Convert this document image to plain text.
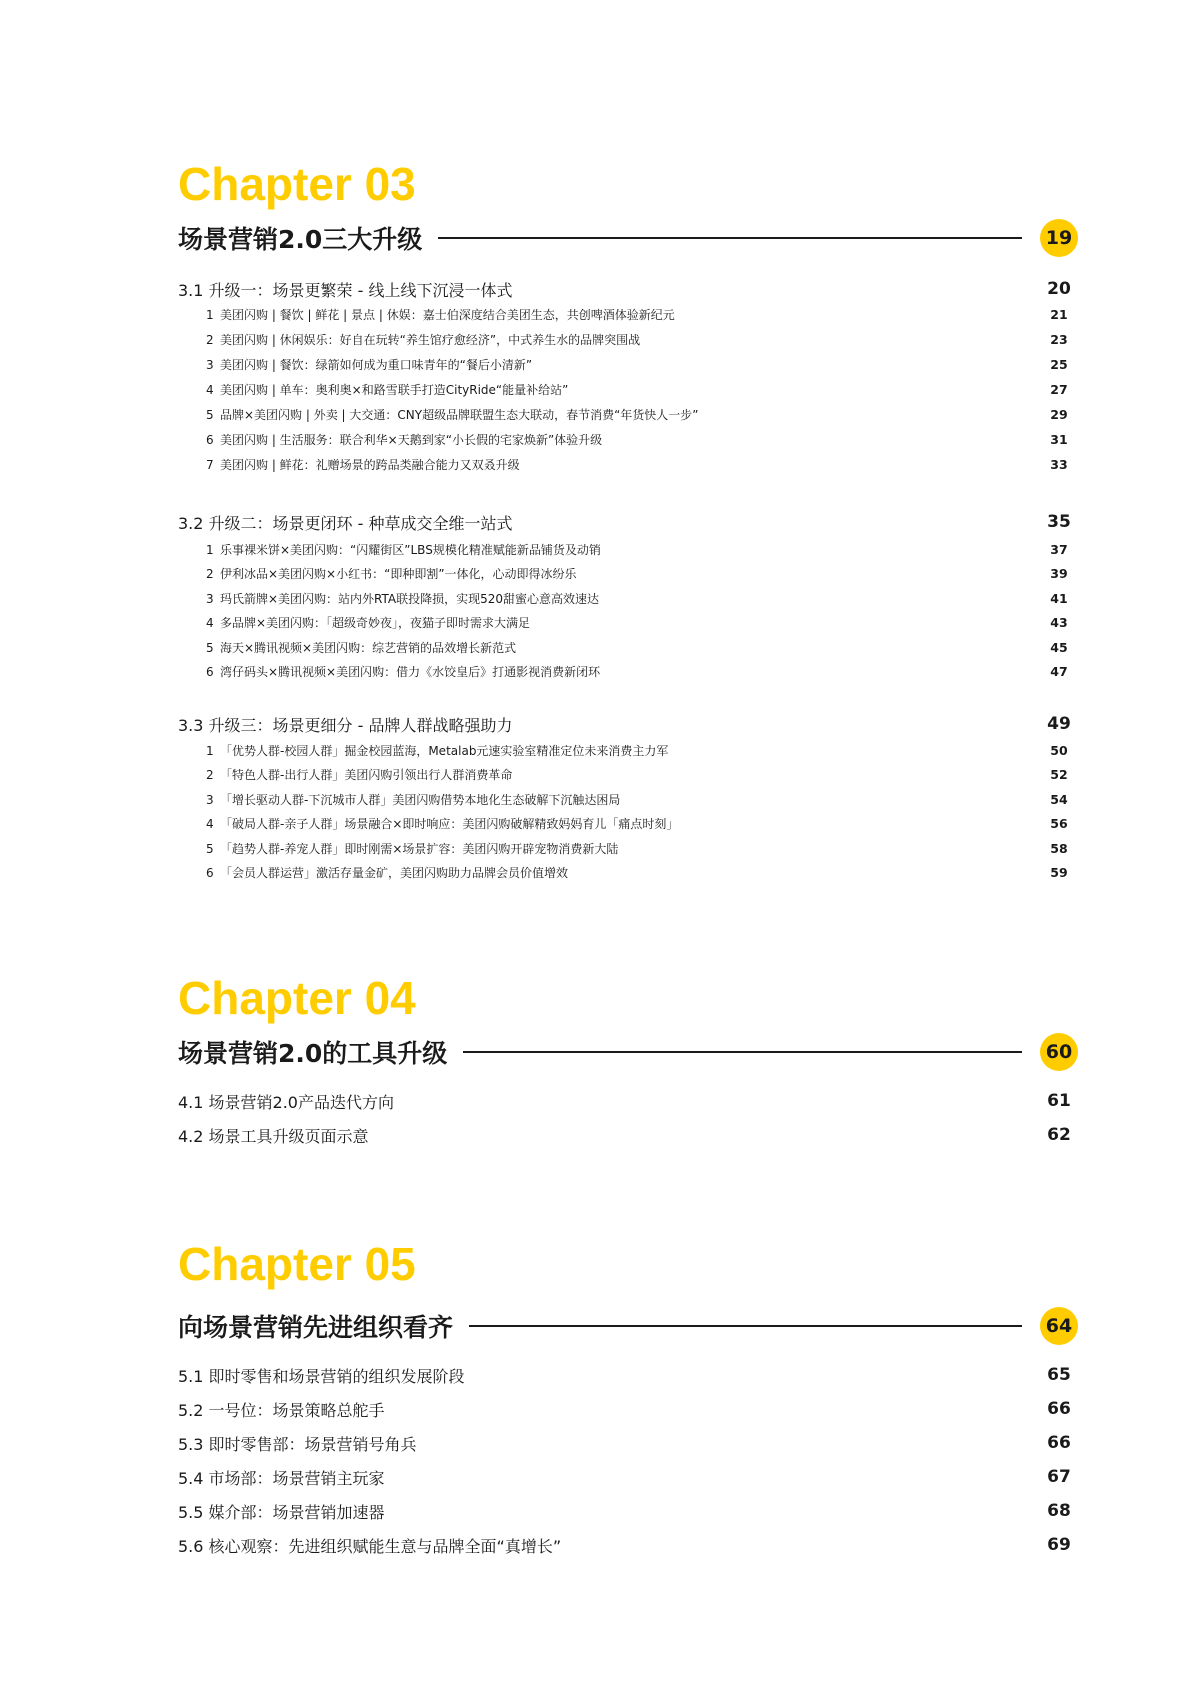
Chapter 03
场景营销2.0三大升级	19
3.1 升级一：场景更繁荣 - 线上线下沉浸一体式	20
1 美团闪购 | 餐饮 | 鲜花 | 景点 | 休娱：嘉士伯深度结合美团生态，共创啤酒体验新纪元	21
2 美团闪购 | 休闲娱乐：好自在玩转“养生馆疗愈经济”，中式养生水的品牌突围战	23
3 美团闪购 | 餐饮：绿箭如何成为重口味青年的“餐后小清新”	25
4 美团闪购 | 单车：奥利奥×和路雪联手打造CityRide“能量补给站”	27
5 品牌×美团闪购 | 外卖 | 大交通：CNY超级品牌联盟生态大联动，春节消费“年货快人一步”	29
6 美团闪购 | 生活服务：联合利华×天鹅到家“小长假的宅家焕新”体验升级	31
7 美团闪购 | 鲜花：礼赠场景的跨品类融合能力又双叒升级	33
3.2 升级二：场景更闭环 - 种草成交全维一站式	35
1 乐事裸米饼×美团闪购：“闪耀街区”LBS规模化精准赋能新品铺货及动销	37
2 伊利冰品×美团闪购×小红书：“即种即割”一体化，心动即得冰纷乐	39
3 玛氏箭牌×美团闪购：站内外RTA联投降损，实现520甜蜜心意高效速达	41
4 多品牌×美团闪购：「超级奇妙夜」，夜猫子即时需求大满足	43
5 海天×腾讯视频×美团闪购：综艺营销的品效增长新范式	45
6 湾仔码头×腾讯视频×美团闪购：借力《水饺皇后》打通影视消费新闭环	47
3.3 升级三：场景更细分 - 品牌人群战略强助力	49
1 「优势人群-校园人群」掘金校园蓝海，Metalab元速实验室精准定位未来消费主力军	50
2 「特色人群-出行人群」美团闪购引领出行人群消费革命	52
3 「增长驱动人群-下沉城市人群」美团闪购借势本地化生态破解下沉触达困局	54
4 「破局人群-亲子人群」场景融合×即时响应：美团闪购破解精致妈妈育儿「痛点时刻」	56
5 「趋势人群-养宠人群」即时刚需×场景扩容：美团闪购开辟宠物消费新大陆	58
6 「会员人群运营」激活存量金矿，美团闪购助力品牌会员价值增效	59
Chapter 04
场景营销2.0的工具升级	60
4.1 场景营销2.0产品迭代方向	61
4.2 场景工具升级页面示意	62
Chapter 05
向场景营销先进组织看齐	64
5.1 即时零售和场景营销的组织发展阶段	65
5.2 一号位：场景策略总舵手	66
5.3 即时零售部：场景营销号角兵	66
5.4 市场部：场景营销主玩家	67
5.5 媒介部：场景营销加速器	68
5.6 核心观察：先进组织赋能生意与品牌全面“真增长”	69
